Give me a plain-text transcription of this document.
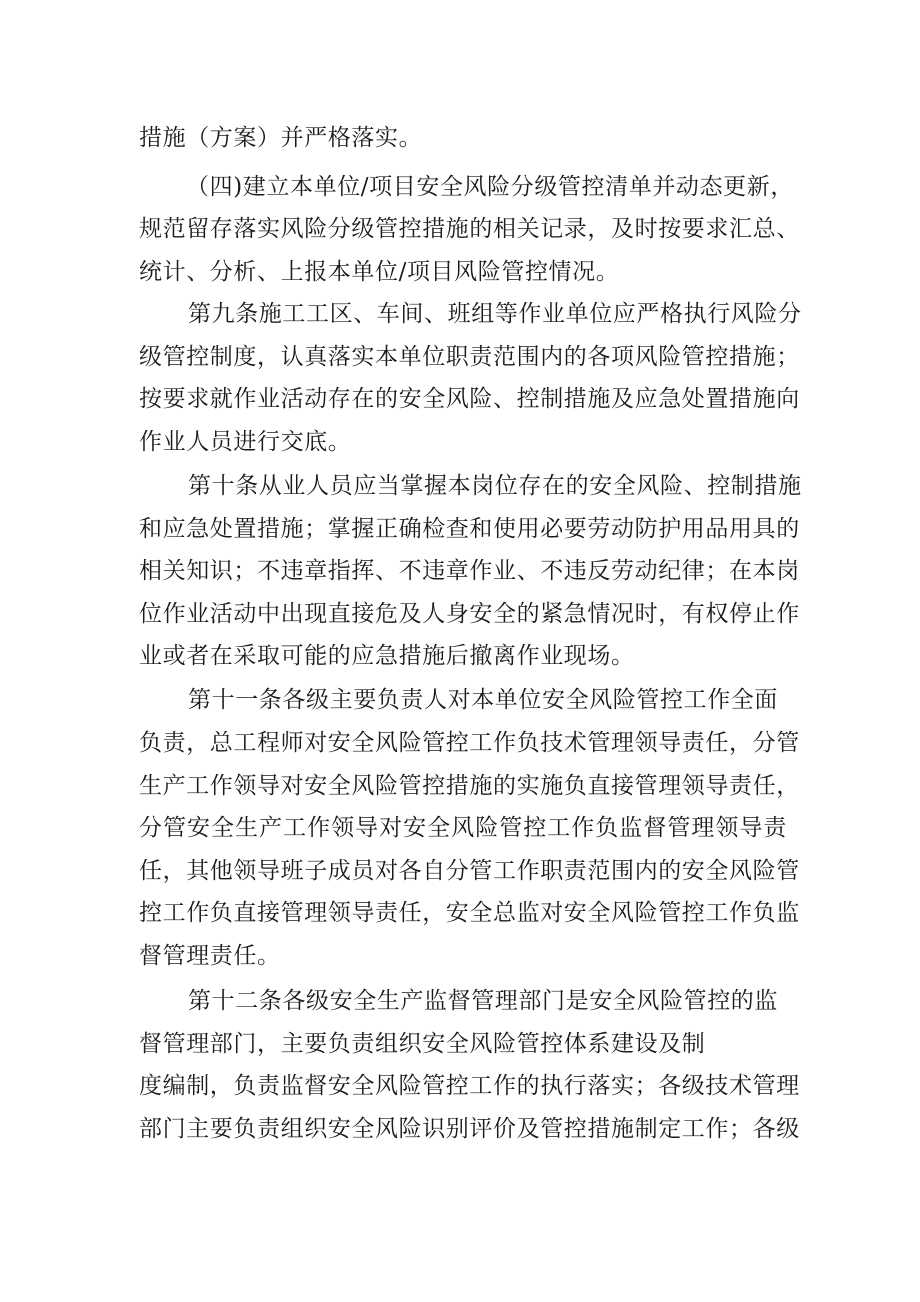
措施（方案）并严格落实。
（四)建立本单位/项目安全风险分级管控清单并动态更新，
规范留存落实风险分级管控措施的相关记录，及时按要求汇总、
统计、分析、上报本单位/项目风险管控情况。
第九条施工工区、车间、班组等作业单位应严格执行风险分
级管控制度，认真落实本单位职责范围内的各项风险管控措施；
按要求就作业活动存在的安全风险、控制措施及应急处置措施向
作业人员进行交底。
第十条从业人员应当掌握本岗位存在的安全风险、控制措施
和应急处置措施；掌握正确检查和使用必要劳动防护用品用具的
相关知识；不违章指挥、不违章作业、不违反劳动纪律；在本岗
位作业活动中出现直接危及人身安全的紧急情况时，有权停止作
业或者在采取可能的应急措施后撤离作业现场。
第十一条各级主要负责人对本单位安全风险管控工作全面
负责，总工程师对安全风险管控工作负技术管理领导责任，分管
生产工作领导对安全风险管控措施的实施负直接管理领导责任，
分管安全生产工作领导对安全风险管控工作负监督管理领导责
任，其他领导班子成员对各自分管工作职责范围内的安全风险管
控工作负直接管理领导责任，安全总监对安全风险管控工作负监
督管理责任。
第十二条各级安全生产监督管理部门是安全风险管控的监
督管理部门，主要负责组织安全风险管控体系建设及制
度编制，负责监督安全风险管控工作的执行落实；各级技术管理
部门主要负责组织安全风险识别评价及管控措施制定工作；各级
